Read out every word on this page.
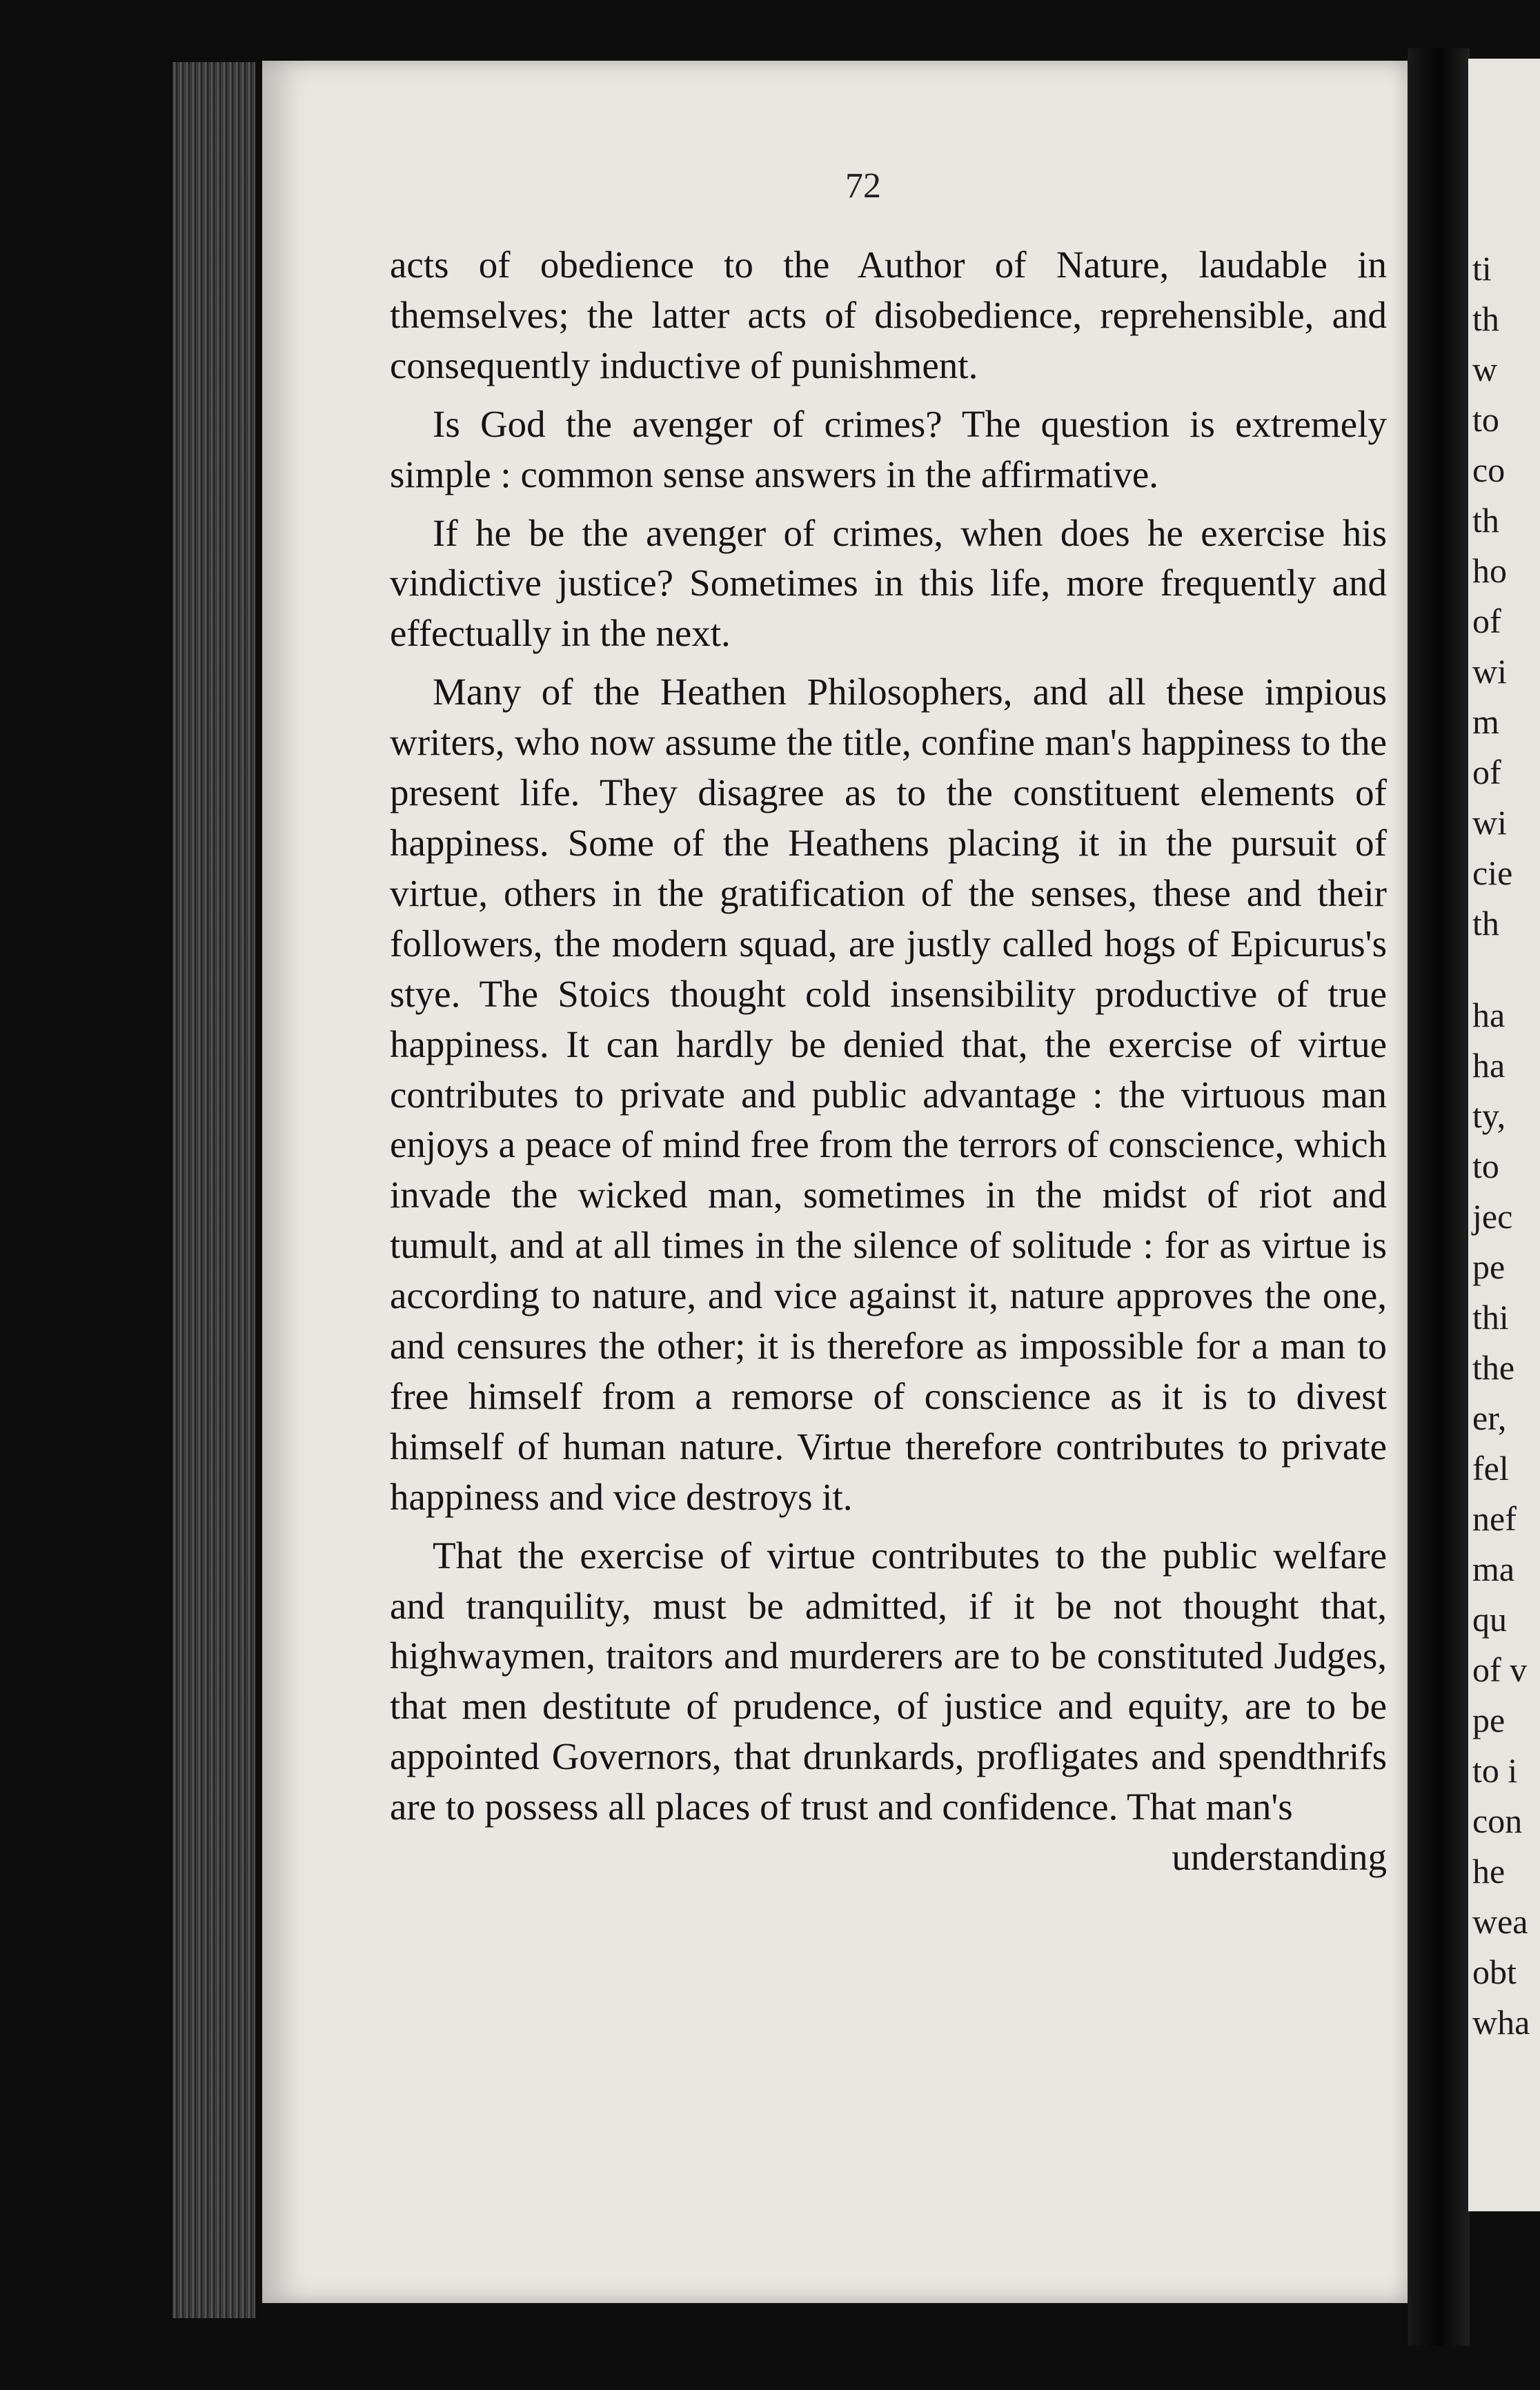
72

acts of obedience to the Author of Nature, laudable in themselves; the latter acts of disobedience, reprehensible, and consequently inductive of punishment.

Is God the avenger of crimes? The question is extremely simple : common sense answers in the affirmative.

If he be the avenger of crimes, when does he exercise his vindictive justice? Sometimes in this life, more frequently and effectually in the next.

Many of the Heathen Philosophers, and all these impious writers, who now assume the title, confine man's happiness to the present life. They disagree as to the constituent elements of happiness. Some of the Heathens placing it in the pursuit of virtue, others in the gratification of the senses, these and their followers, the modern squad, are justly called hogs of Epicurus's stye. The Stoics thought cold insensibility productive of true happiness. It can hardly be denied that, the exercise of virtue contributes to private and public advantage : the virtuous man enjoys a peace of mind free from the terrors of conscience, which invade the wicked man, sometimes in the midst of riot and tumult, and at all times in the silence of solitude : for as virtue is according to nature, and vice against it, nature approves the one, and censures the other; it is therefore as impossible for a man to free himself from a remorse of conscience as it is to divest himself of human nature. Virtue therefore contributes to private happiness and vice destroys it.

That the exercise of virtue contributes to the public welfare and tranquility, must be admitted, if it be not thought that, highwaymen, traitors and murderers are to be constituted Judges, that men destitute of prudence, of justice and equity, are to be appointed Governors, that drunkards, profligates and spendthrifs are to possess all places of trust and confidence. That man's

understanding
ti
th
w
to
co
th
ho
of
wi
m
of
wi
cie
th
ha
ha
ty,
to
jec
pe
thi
the
er,
fel
nef
ma
qu
of v
pe
to i
con
he
wea
obt
wha
